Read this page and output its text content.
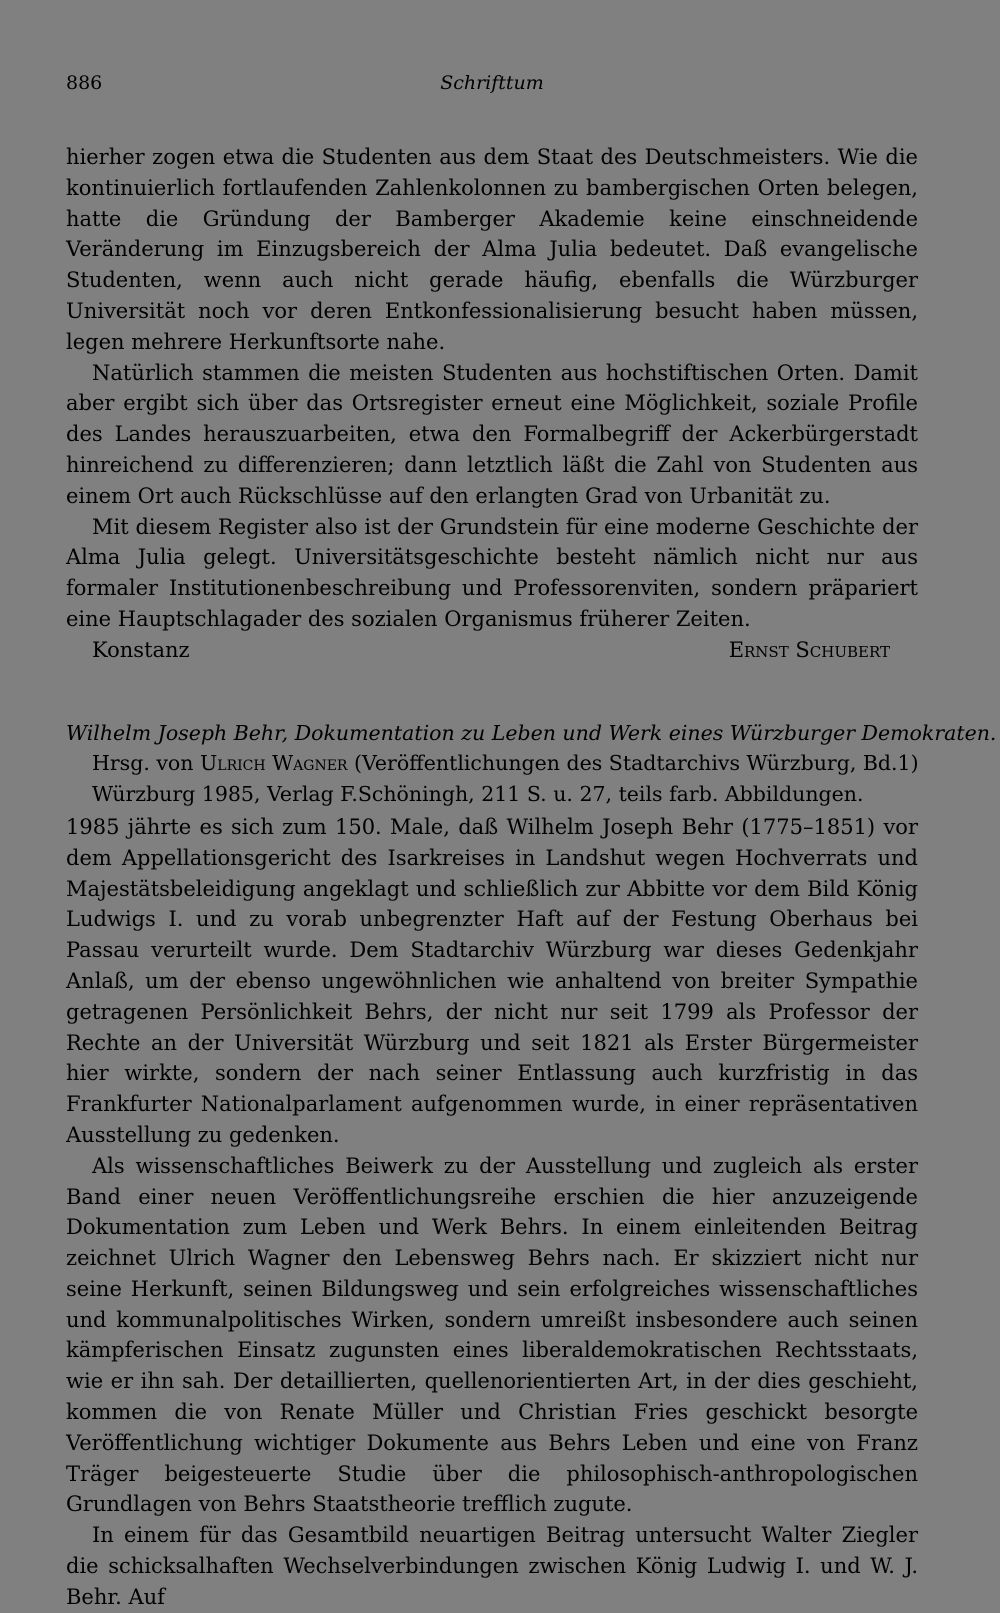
886	Schrifttum

hierher zogen etwa die Studenten aus dem Staat des Deutschmeisters. Wie die kontinuierlich fortlaufenden Zahlenkolonnen zu bambergischen Orten belegen, hatte die Gründung der Bamberger Akademie keine einschneidende Veränderung im Einzugsbereich der Alma Julia bedeutet. Daß evangelische Studenten, wenn auch nicht gerade häufig, ebenfalls die Würzburger Universität noch vor deren Entkonfessionalisierung besucht haben müssen, legen mehrere Herkunftsorte nahe.

Natürlich stammen die meisten Studenten aus hochstiftischen Orten. Damit aber ergibt sich über das Ortsregister erneut eine Möglichkeit, soziale Profile des Landes herauszuarbeiten, etwa den Formalbegriff der Ackerbürgerstadt hinreichend zu differenzieren; dann letztlich läßt die Zahl von Studenten aus einem Ort auch Rückschlüsse auf den erlangten Grad von Urbanität zu.

Mit diesem Register also ist der Grundstein für eine moderne Geschichte der Alma Julia gelegt. Universitätsgeschichte besteht nämlich nicht nur aus formaler Institutionenbeschreibung und Professorenviten, sondern präpariert eine Hauptschlagader des sozialen Organismus früherer Zeiten.

Konstanz	Ernst Schubert
Wilhelm Joseph Behr, Dokumentation zu Leben und Werk eines Würzburger Demokraten.
Hrsg. von Ulrich Wagner (Veröffentlichungen des Stadtarchivs Würzburg, Bd.1)
Würzburg 1985, Verlag F.Schöningh, 211 S. u. 27, teils farb. Abbildungen.

1985 jährte es sich zum 150. Male, daß Wilhelm Joseph Behr (1775–1851) vor dem Appellationsgericht des Isarkreises in Landshut wegen Hochverrats und Majestätsbeleidigung angeklagt und schließlich zur Abbitte vor dem Bild König Ludwigs I. und zu vorab unbegrenzter Haft auf der Festung Oberhaus bei Passau verurteilt wurde. Dem Stadtarchiv Würzburg war dieses Gedenkjahr Anlaß, um der ebenso ungewöhnlichen wie anhaltend von breiter Sympathie getragenen Persönlichkeit Behrs, der nicht nur seit 1799 als Professor der Rechte an der Universität Würzburg und seit 1821 als Erster Bürgermeister hier wirkte, sondern der nach seiner Entlassung auch kurzfristig in das Frankfurter Nationalparlament aufgenommen wurde, in einer repräsentativen Ausstellung zu gedenken.

Als wissenschaftliches Beiwerk zu der Ausstellung und zugleich als erster Band einer neuen Veröffentlichungsreihe erschien die hier anzuzeigende Dokumentation zum Leben und Werk Behrs. In einem einleitenden Beitrag zeichnet Ulrich Wagner den Lebensweg Behrs nach. Er skizziert nicht nur seine Herkunft, seinen Bildungsweg und sein erfolgreiches wissenschaftliches und kommunalpolitisches Wirken, sondern umreißt insbesondere auch seinen kämpferischen Einsatz zugunsten eines liberaldemokratischen Rechtsstaats, wie er ihn sah. Der detaillierten, quellenorientierten Art, in der dies geschieht, kommen die von Renate Müller und Christian Fries geschickt besorgte Veröffentlichung wichtiger Dokumente aus Behrs Leben und eine von Franz Träger beigesteuerte Studie über die philosophisch-anthropologischen Grundlagen von Behrs Staatstheorie trefflich zugute.

In einem für das Gesamtbild neuartigen Beitrag untersucht Walter Ziegler die schicksalhaften Wechselverbindungen zwischen König Ludwig I. und W. J. Behr. Auf
